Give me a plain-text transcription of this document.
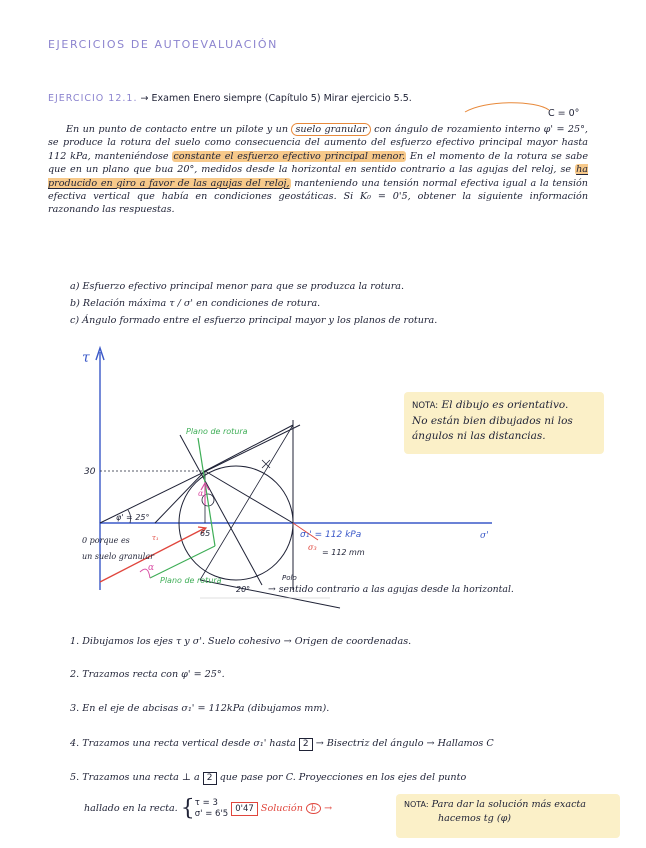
EJERCICIOS DE AUTOEVALUACIÓN
EJERCICIO 12.1. → Examen Enero siempre (Capítulo 5) Mirar ejercicio 5.5.
C = 0°
En un punto de contacto entre un pilote y un suelo granular con ángulo de rozamiento interno φ' = 25°, se produce la rotura del suelo como consecuencia del aumento del esfuerzo efectivo principal mayor hasta 112 kPa, manteniéndose constante el esfuerzo efectivo principal menor. En el momento de la rotura se sabe que en un plano que bua 20°, medidos desde la horizontal en sentido contrario a las agujas del reloj, se ha producido en giro a favor de las agujas del reloj, manteniendo una tensión normal efectiva igual a la tensión efectiva vertical que había en condiciones geostáticas. Si K₀ = 0'5, obtener la siguiente información razonando las respuestas.
a) Esfuerzo efectivo principal menor para que se produzca la rotura.
b) Relación máxima τ / σ' en condiciones de rotura.
c) Ángulo formado entre el esfuerzo principal mayor y los planos de rotura.
τ
30
φ' = 25°
Plano de rotura
65	σ₁' = 112 kPa
σ₃
= 112 mm
0 porque es
un suelo granular
α
Plano de rotura	Polo
20° → sentido contrario a las agujas desde la horizontal.
τ₁
α
σ'
NOTA: El dibujo es orientativo.
No están bien dibujados ni los
ángulos ni las distancias.
1. Dibujamos los ejes τ y σ'. Suelo cohesivo → Origen de coordenadas.
2. Trazamos recta con φ' = 25°.
3. En el eje de abcisas σ₁' = 112kPa (dibujamos mm).
4. Trazamos una recta vertical desde σ₁' hasta 2 → Bisectriz del ángulo → Hallamos C
5. Trazamos una recta ⊥ a 2 que pase por C. Proyecciones en los ejes del punto
hallado en la recta. {τ = 3
σ' = 6'5 0'47 Solución b →	NOTA: Para dar la solución más exacta
hacemos tg (φ)
